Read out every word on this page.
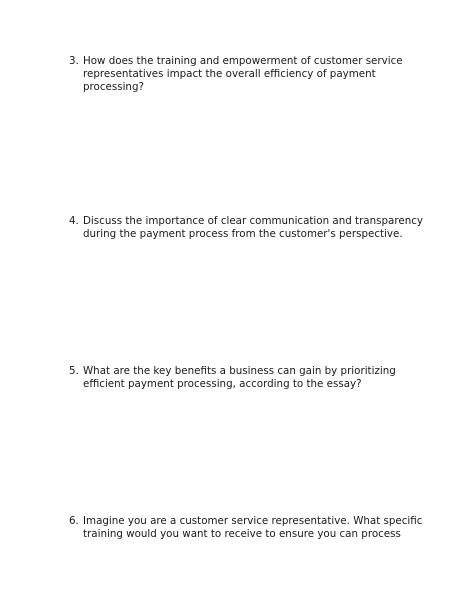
3. How does the training and empowerment of customer service
representatives impact the overall efficiency of payment
processing?
4. Discuss the importance of clear communication and transparency
during the payment process from the customer's perspective.
5. What are the key benefits a business can gain by prioritizing
efficient payment processing, according to the essay?
6. Imagine you are a customer service representative. What specific
training would you want to receive to ensure you can process
